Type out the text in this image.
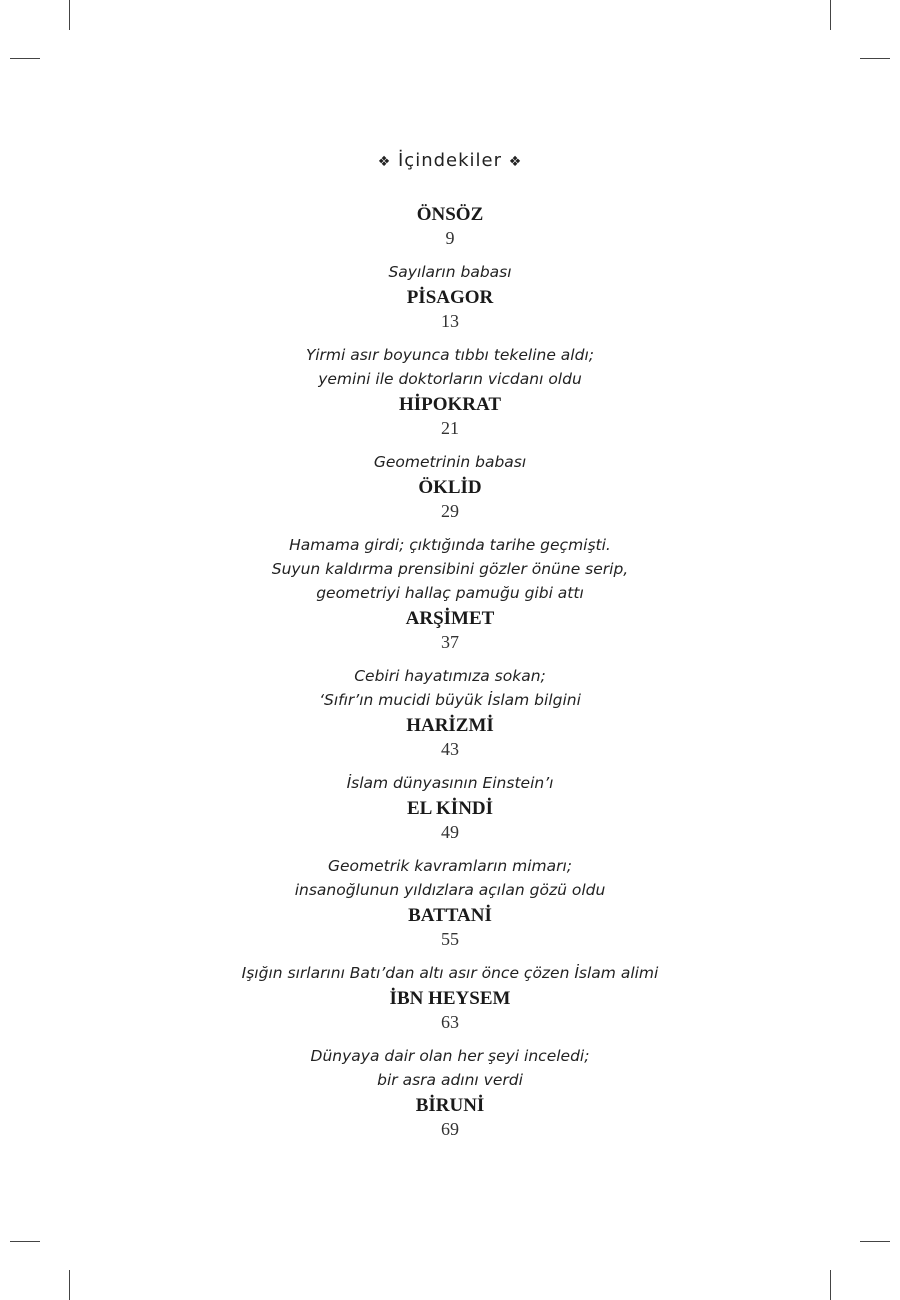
❖ İçindekiler ❖
ÖNSÖZ
9
Sayıların babası
PİSAGOR
13
Yirmi asır boyunca tıbbı tekeline aldı;
yemini ile doktorların vicdanı oldu
HİPOKRAT
21
Geometrinin babası
ÖKLİD
29
Hamama girdi; çıktığında tarihe geçmişti.
Suyun kaldırma prensibini gözler önüne serip,
geometriyi hallaç pamuğu gibi attı
ARŞİMET
37
Cebiri hayatımıza sokan;
‘Sıfır’ın mucidi büyük İslam bilgini
HARİZMİ
43
İslam dünyasının Einstein’ı
EL KİNDİ
49
Geometrik kavramların mimarı;
insanoğlunun yıldızlara açılan gözü oldu
BATTANİ
55
Işığın sırlarını Batı’dan altı asır önce çözen İslam alimi
İBN HEYSEM
63
Dünyaya dair olan her şeyi inceledi;
bir asra adını verdi
BİRUNİ
69
